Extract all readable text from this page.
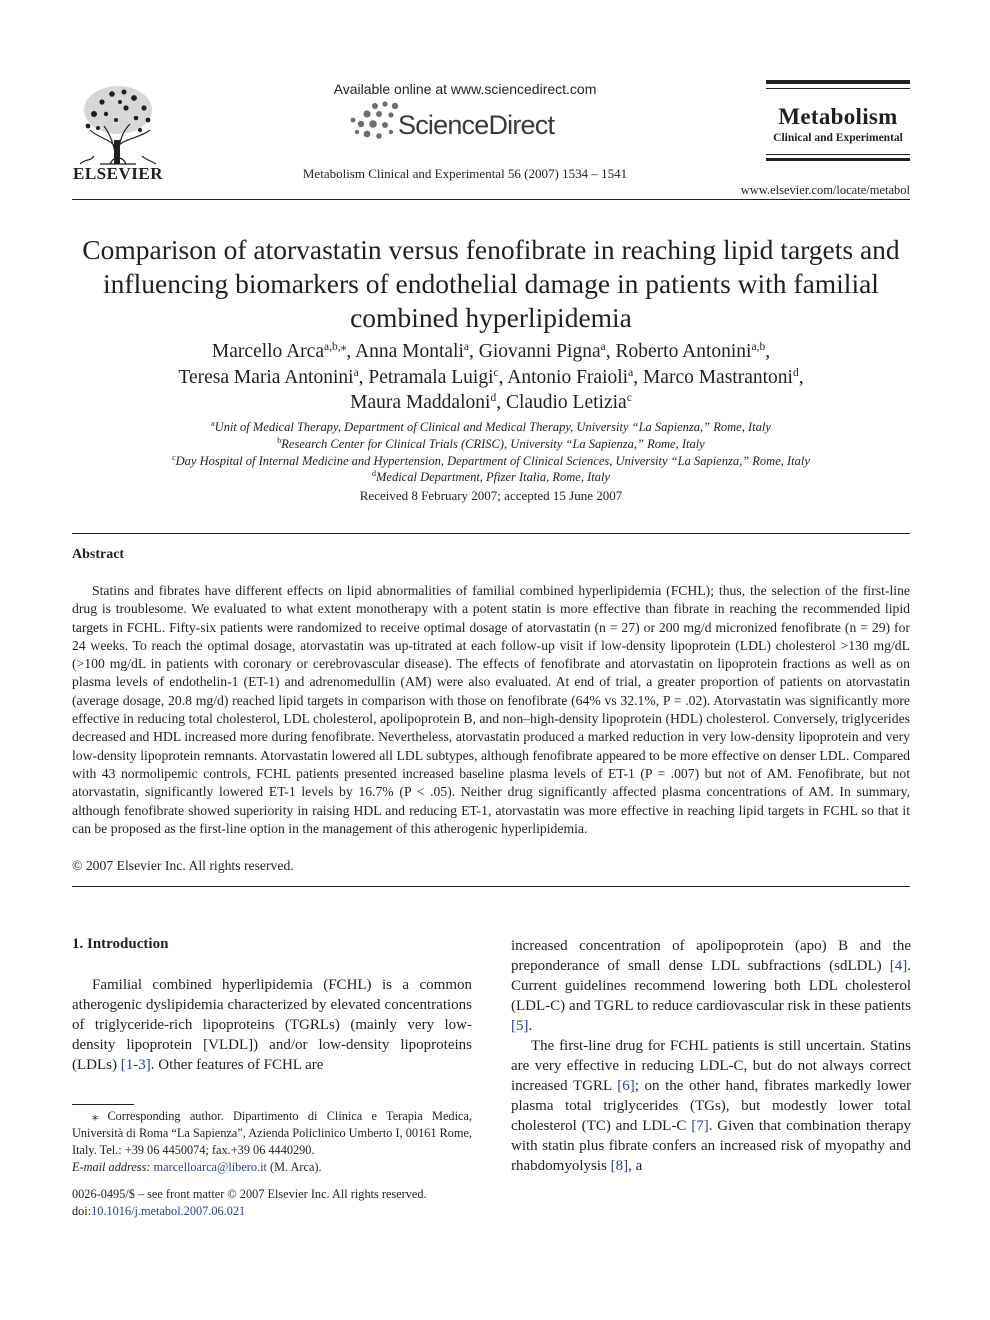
ELSEVIER
Available online at www.sciencedirect.com
ScienceDirect
Metabolism Clinical and Experimental 56 (2007) 1534 – 1541
Metabolism
Clinical and Experimental
www.elsevier.com/locate/metabol
Comparison of atorvastatin versus fenofibrate in reaching lipid targets and
influencing biomarkers of endothelial damage in patients with familial
combined hyperlipidemia
Marcello Arca$^{a,b,⁎}$, Anna Montali$^a$, Giovanni Pigna$^a$, Roberto Antonini$^{a,b}$,
Teresa Maria Antonini$^a$, Petramala Luigi$^c$, Antonio Fraioli$^a$, Marco Mastrantoni$^d$,
Maura Maddaloni$^d$, Claudio Letizia$^c$
$^a$Unit of Medical Therapy, Department of Clinical and Medical Therapy, University “La Sapienza,” Rome, Italy
$^b$Research Center for Clinical Trials (CRISC), University “La Sapienza,” Rome, Italy
$^c$Day Hospital of Internal Medicine and Hypertension, Department of Clinical Sciences, University “La Sapienza,” Rome, Italy
$^d$Medical Department, Pfizer Italia, Rome, Italy
Received 8 February 2007; accepted 15 June 2007
Abstract

Statins and fibrates have different effects on lipid abnormalities of familial combined hyperlipidemia (FCHL); thus, the selection of the first-line drug is troublesome. We evaluated to what extent monotherapy with a potent statin is more effective than fibrate in reaching the recommended lipid targets in FCHL. Fifty-six patients were randomized to receive optimal dosage of atorvastatin (n = 27) or 200 mg/d micronized fenofibrate (n = 29) for 24 weeks. To reach the optimal dosage, atorvastatin was up-titrated at each follow-up visit if low-density lipoprotein (LDL) cholesterol >130 mg/dL (>100 mg/dL in patients with coronary or cerebrovascular disease). The effects of fenofibrate and atorvastatin on lipoprotein fractions as well as on plasma levels of endothelin-1 (ET-1) and adrenomedullin (AM) were also evaluated. At end of trial, a greater proportion of patients on atorvastatin (average dosage, 20.8 mg/d) reached lipid targets in comparison with those on fenofibrate (64% vs 32.1%, P = .02). Atorvastatin was significantly more effective in reducing total cholesterol, LDL cholesterol, apolipoprotein B, and non–high-density lipoprotein (HDL) cholesterol. Conversely, triglycerides decreased and HDL increased more during fenofibrate. Nevertheless, atorvastatin produced a marked reduction in very low-density lipoprotein and very low-density lipoprotein remnants. Atorvastatin lowered all LDL subtypes, although fenofibrate appeared to be more effective on denser LDL. Compared with 43 normolipemic controls, FCHL patients presented increased baseline plasma levels of ET-1 (P = .007) but not of AM. Fenofibrate, but not atorvastatin, significantly lowered ET-1 levels by 16.7% (P < .05). Neither drug significantly affected plasma concentrations of AM. In summary, although fenofibrate showed superiority in raising HDL and reducing ET-1, atorvastatin was more effective in reaching lipid targets in FCHL so that it can be proposed as the first-line option in the management of this atherogenic hyperlipidemia.

© 2007 Elsevier Inc. All rights reserved.
1. Introduction

Familial combined hyperlipidemia (FCHL) is a common atherogenic dyslipidemia characterized by elevated concentrations of triglyceride-rich lipoproteins (TGRLs) (mainly very low-density lipoprotein [VLDL]) and/or low-density lipoproteins (LDLs) [1-3]. Other features of FCHL are

increased concentration of apolipoprotein (apo) B and the preponderance of small dense LDL subfractions (sdLDL) [4]. Current guidelines recommend lowering both LDL cholesterol (LDL-C) and TGRL to reduce cardiovascular risk in these patients [5].

The first-line drug for FCHL patients is still uncertain. Statins are very effective in reducing LDL-C, but do not always correct increased TGRL [6]; on the other hand, fibrates markedly lower plasma total triglycerides (TGs), but modestly lower total cholesterol (TC) and LDL-C [7]. Given that combination therapy with statin plus fibrate confers an increased risk of myopathy and rhabdomyolysis [8], a

⁎ Corresponding author. Dipartimento di Clinica e Terapia Medica, Università di Roma “La Sapienza”, Azienda Policlinico Umberto I, 00161 Rome, Italy. Tel.: +39 06 4450074; fax.+39 06 4440290.
E-mail address: marcelloarca@libero.it (M. Arca).

0026-0495/$ – see front matter © 2007 Elsevier Inc. All rights reserved.
doi:10.1016/j.metabol.2007.06.021
